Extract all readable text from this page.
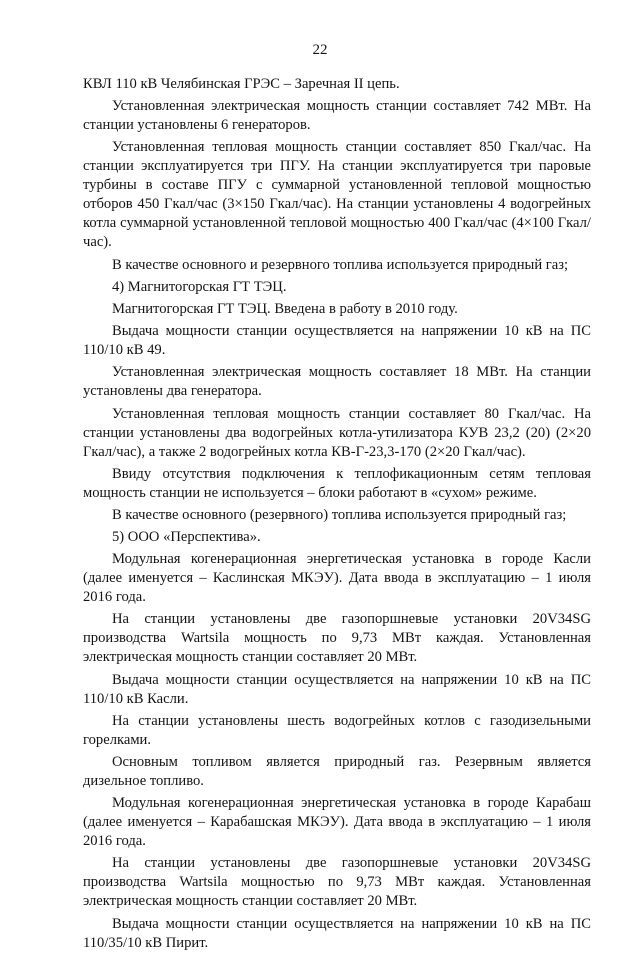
22

КВЛ 110 кВ Челябинская ГРЭС – Заречная II цепь.

Установленная электрическая мощность станции составляет 742 МВт. На станции установлены 6 генераторов.

Установленная тепловая мощность станции составляет 850 Гкал/час. На станции эксплуатируется три ПГУ. На станции эксплуатируется три паровые турбины в составе ПГУ с суммарной установленной тепловой мощностью отборов 450 Гкал/час (3×150 Гкал/час). На станции установлены 4 водогрейных котла суммарной установленной тепловой мощностью 400 Гкал/час (4×100 Гкал/час).

В качестве основного и резервного топлива используется природный газ;

4) Магнитогорская ГТ ТЭЦ.

Магнитогорская ГТ ТЭЦ. Введена в работу в 2010 году.

Выдача мощности станции осуществляется на напряжении 10 кВ на ПС 110/10 кВ 49.

Установленная электрическая мощность составляет 18 МВт. На станции установлены два генератора.

Установленная тепловая мощность станции составляет 80 Гкал/час. На станции установлены два водогрейных котла-утилизатора КУВ 23,2 (20) (2×20 Гкал/час), а также 2 водогрейных котла КВ-Г-23,3-170 (2×20 Гкал/час).

Ввиду отсутствия подключения к теплофикационным сетям тепловая мощность станции не используется – блоки работают в «сухом» режиме.

В качестве основного (резервного) топлива используется природный газ;

5) ООО «Перспектива».

Модульная когенерационная энергетическая установка в городе Касли (далее именуется – Каслинская МКЭУ). Дата ввода в эксплуатацию – 1 июля 2016 года.

На станции установлены две газопоршневые установки 20V34SG производства Wartsila мощность по 9,73 МВт каждая. Установленная электрическая мощность станции составляет 20 МВт.

Выдача мощности станции осуществляется на напряжении 10 кВ на ПС 110/10 кВ Касли.

На станции установлены шесть водогрейных котлов с газодизельными горелками.

Основным топливом является природный газ. Резервным является дизельное топливо.

Модульная когенерационная энергетическая установка в городе Карабаш (далее именуется – Карабашская МКЭУ). Дата ввода в эксплуатацию – 1 июля 2016 года.

На станции установлены две газопоршневые установки 20V34SG производства Wartsila мощностью по 9,73 МВт каждая. Установленная электрическая мощность станции составляет 20 МВт.

Выдача мощности станции осуществляется на напряжении 10 кВ на ПС 110/35/10 кВ Пирит.
